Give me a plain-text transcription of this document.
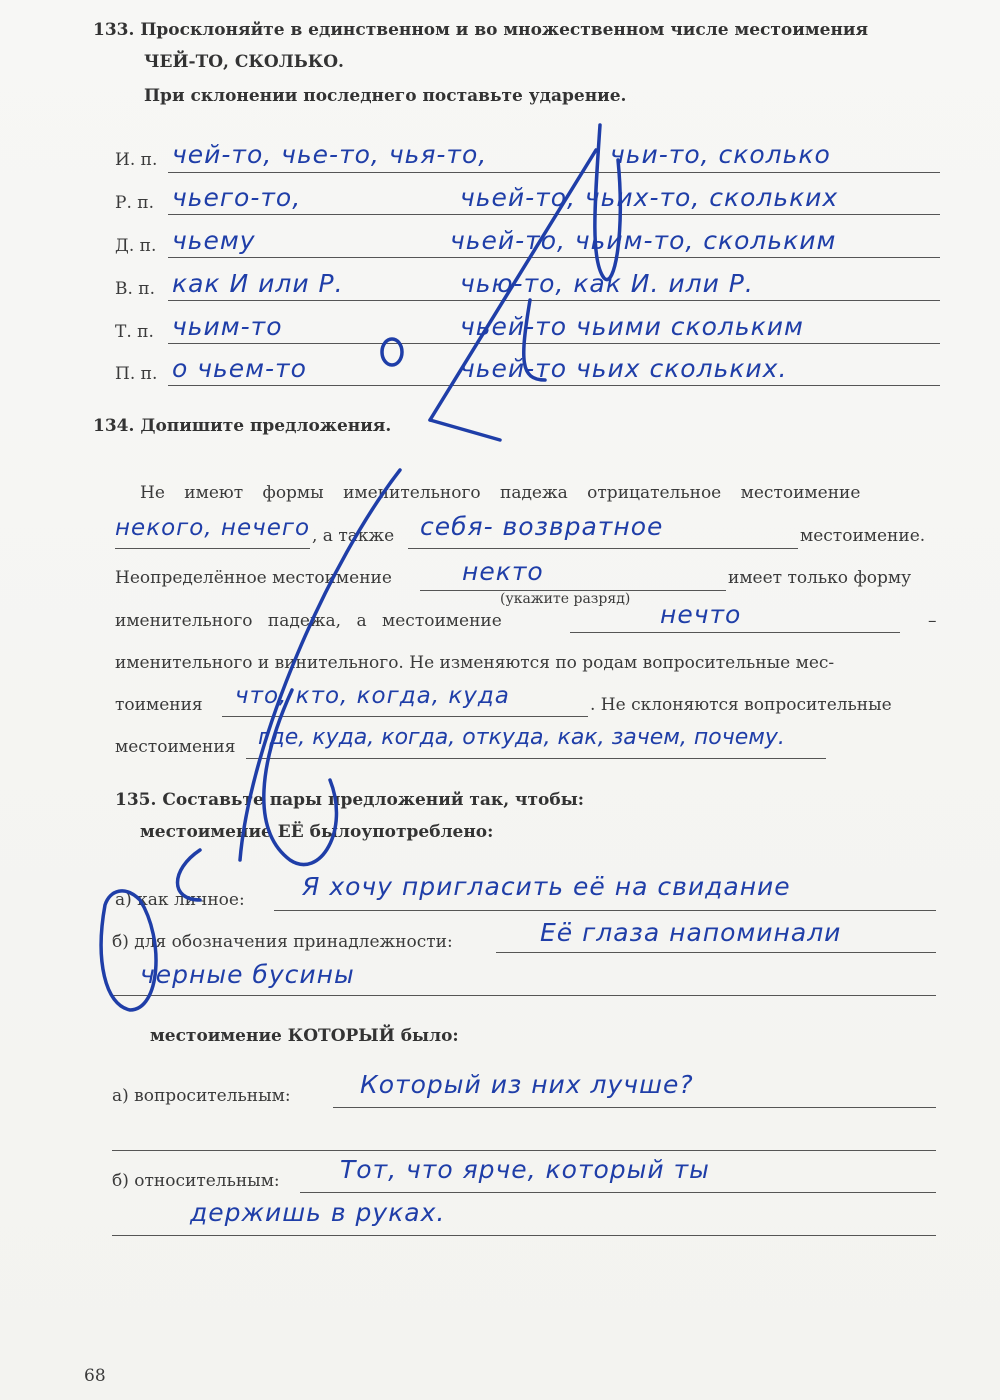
133. Просклоняйте в единственном и во множественном числе местоимения
ЧЕЙ-ТО, СКОЛЬКО.
При склонении последнего поставьте ударение.
И. п. чей-то, чье-то, чья-то,	чьи-то, сколько
Р. п. чьего-то,	чьей-то, чьих-то, скольких
Д. п. чьему	чьей-то, чьим-то, скольким
В. п. как И или Р.	чью-то, как И. или Р.
Т. п. чьим-то	чьей-то чьими скольким
П. п. о чьем-то	чьей-то чьих скольких.
134. Допишите предложения.
Не имеют формы именительного падежа отрицательное местоимение
некого, нечего , а также себя- возвратное	местоимение.
Неопределённое местоимение	некто	имеет только форму
(укажите разряд)
именительного падежа, а местоимение	нечто	–
именительного и винительного. Не изменяются по родам вопросительные мес-
тоимения что, кто, когда, куда	. Не склоняются вопросительные
местоимения где, куда, когда, откуда, как, зачем, почему.
135. Составьте пары предложений так, чтобы:
местоимение ЕЁ былоупотреблено:
а) как личное: Я хочу пригласить её на свидание
б) для обозначения принадлежности:	Её глаза напоминали
черные бусины
местоимение КОТОРЫЙ было:
а) вопросительным:	Который из них лучше?
б) относительным: Тот, что ярче, который ты
держишь в руках.
68
